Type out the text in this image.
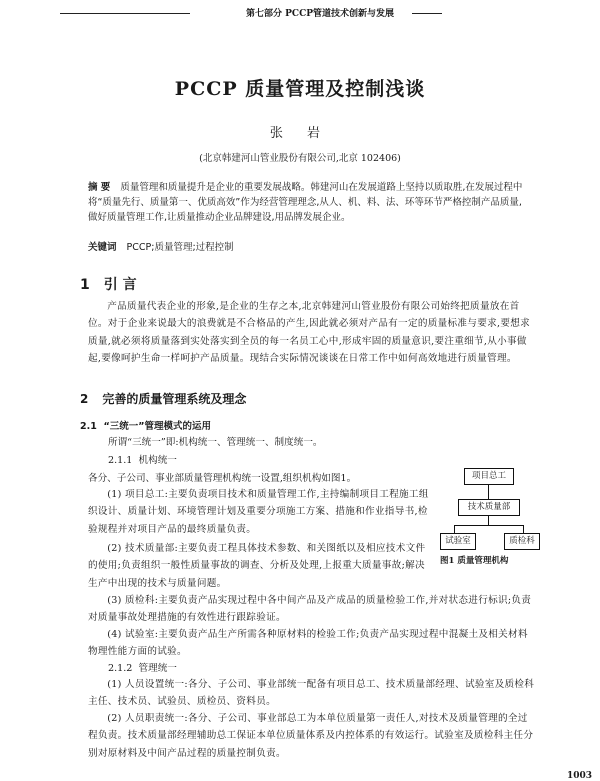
第七部分 PCCP管道技术创新与发展
PCCP 质量管理及控制浅谈
张 岩
(北京韩建河山管业股份有限公司,北京 102406)
摘 要 质量管理和质量提升是企业的重要发展战略。韩建河山在发展道路上坚持以质取胜,在发展过程中将“质量先行、质量第一、优质高效”作为经营管理理念,从人、机、料、法、环等环节严格控制产品质量,做好质量管理工作,让质量推动企业品牌建设,用品牌发展企业。
关键词 PCCP;质量管理;过程控制
1 引 言
产品质量代表企业的形象,是企业的生存之本,北京韩建河山管业股份有限公司始终把质量放在首位。对于企业来说最大的浪费就是不合格品的产生,因此就必须对产品有一定的质量标准与要求,要想求质量,就必须将质量落到实处落实到全员的每一名员工心中,形成牢固的质量意识,要注重细节,从小事做起,要像呵护生命一样呵护产品质量。现结合实际情况谈谈在日常工作中如何高效地进行质量管理。
2 完善的质量管理系统及理念
2.1 “三统一”管理模式的运用
所谓“三统一”即:机构统一、管理统一、制度统一。
2.1.1 机构统一
各分、子公司、事业部质量管理机构统一设置,组织机构如图1。
(1) 项目总工:主要负责项目技术和质量管理工作,主持编制项目工程施工组织设计、质量计划、环境管理计划及重要分项施工方案、措施和作业指导书,检验规程并对项目产品的最终质量负责。
(2) 技术质量部:主要负责工程具体技术参数、和关图纸以及相应技术文件的使用;负责组织一般性质量事故的调查、分析及处理,上报重大质量事故;解决生产中出现的技术与质量问题。
(3) 质检科:主要负责产品实现过程中各中间产品及产成品的质量检验工作,并对状态进行标识;负责对质量事故处理措施的有效性进行跟踪验证。
(4) 试验室:主要负责产品生产所需各种原材料的检验工作;负责产品实现过程中混凝土及相关材料物理性能方面的试验。
2.1.2 管理统一
(1) 人员设置统一:各分、子公司、事业部统一配备有项目总工、技术质量部经理、试验室及质检科主任、技术员、试验员、质检员、资料员。
(2) 人员职责统一:各分、子公司、事业部总工为本单位质量第一责任人,对技术及质量管理的全过程负责。技术质量部经理辅助总工保证本单位质量体系及内控体系的有效运行。试验室及质检科主任分别对原材料及中间产品过程的质量控制负责。
项目总工
技术质量部
试验室	质检科
图1 质量管理机构
1003
